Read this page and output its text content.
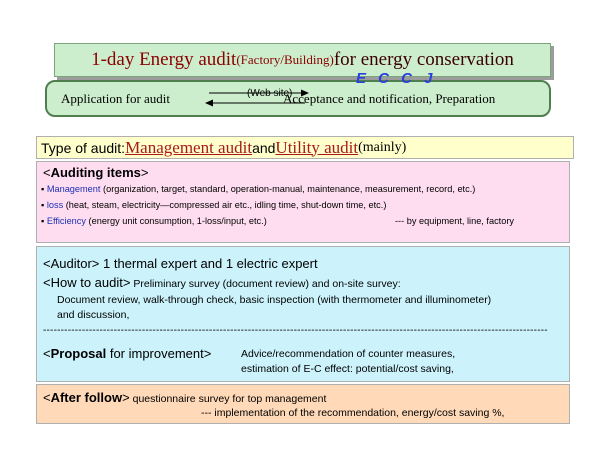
1-day Energy audit (Factory/Building) for energy conservation
Application for audit	(Web site)
Acceptance and notification, Preparation
E C C J
Type of audit: Management audit and Utility audit (mainly)
<Auditing items>
▪ Management (organization, target, standard, operation-manual, maintenance, measurement, record, etc.)
▪ loss (heat, steam, electricity—compressed air etc., idling time, shut-down time, etc.)
▪ Efficiency (energy unit consumption, 1-loss/input, etc.)	--- by equipment, line, factory
<Auditor> 1 thermal expert and 1 electric expert
<How to audit> Preliminary survey (document review) and on-site survey:
Document review, walk-through check, basic inspection (with thermometer and illuminometer)
and discussion,
-----------------------------------------------------------------------------------------------------------------------------------------------
<Proposal for improvement>	Advice/recommendation of counter measures,
estimation of E-C effect: potential/cost saving,
<After follow> questionnaire survey for top management
--- implementation of the recommendation, energy/cost saving %,
